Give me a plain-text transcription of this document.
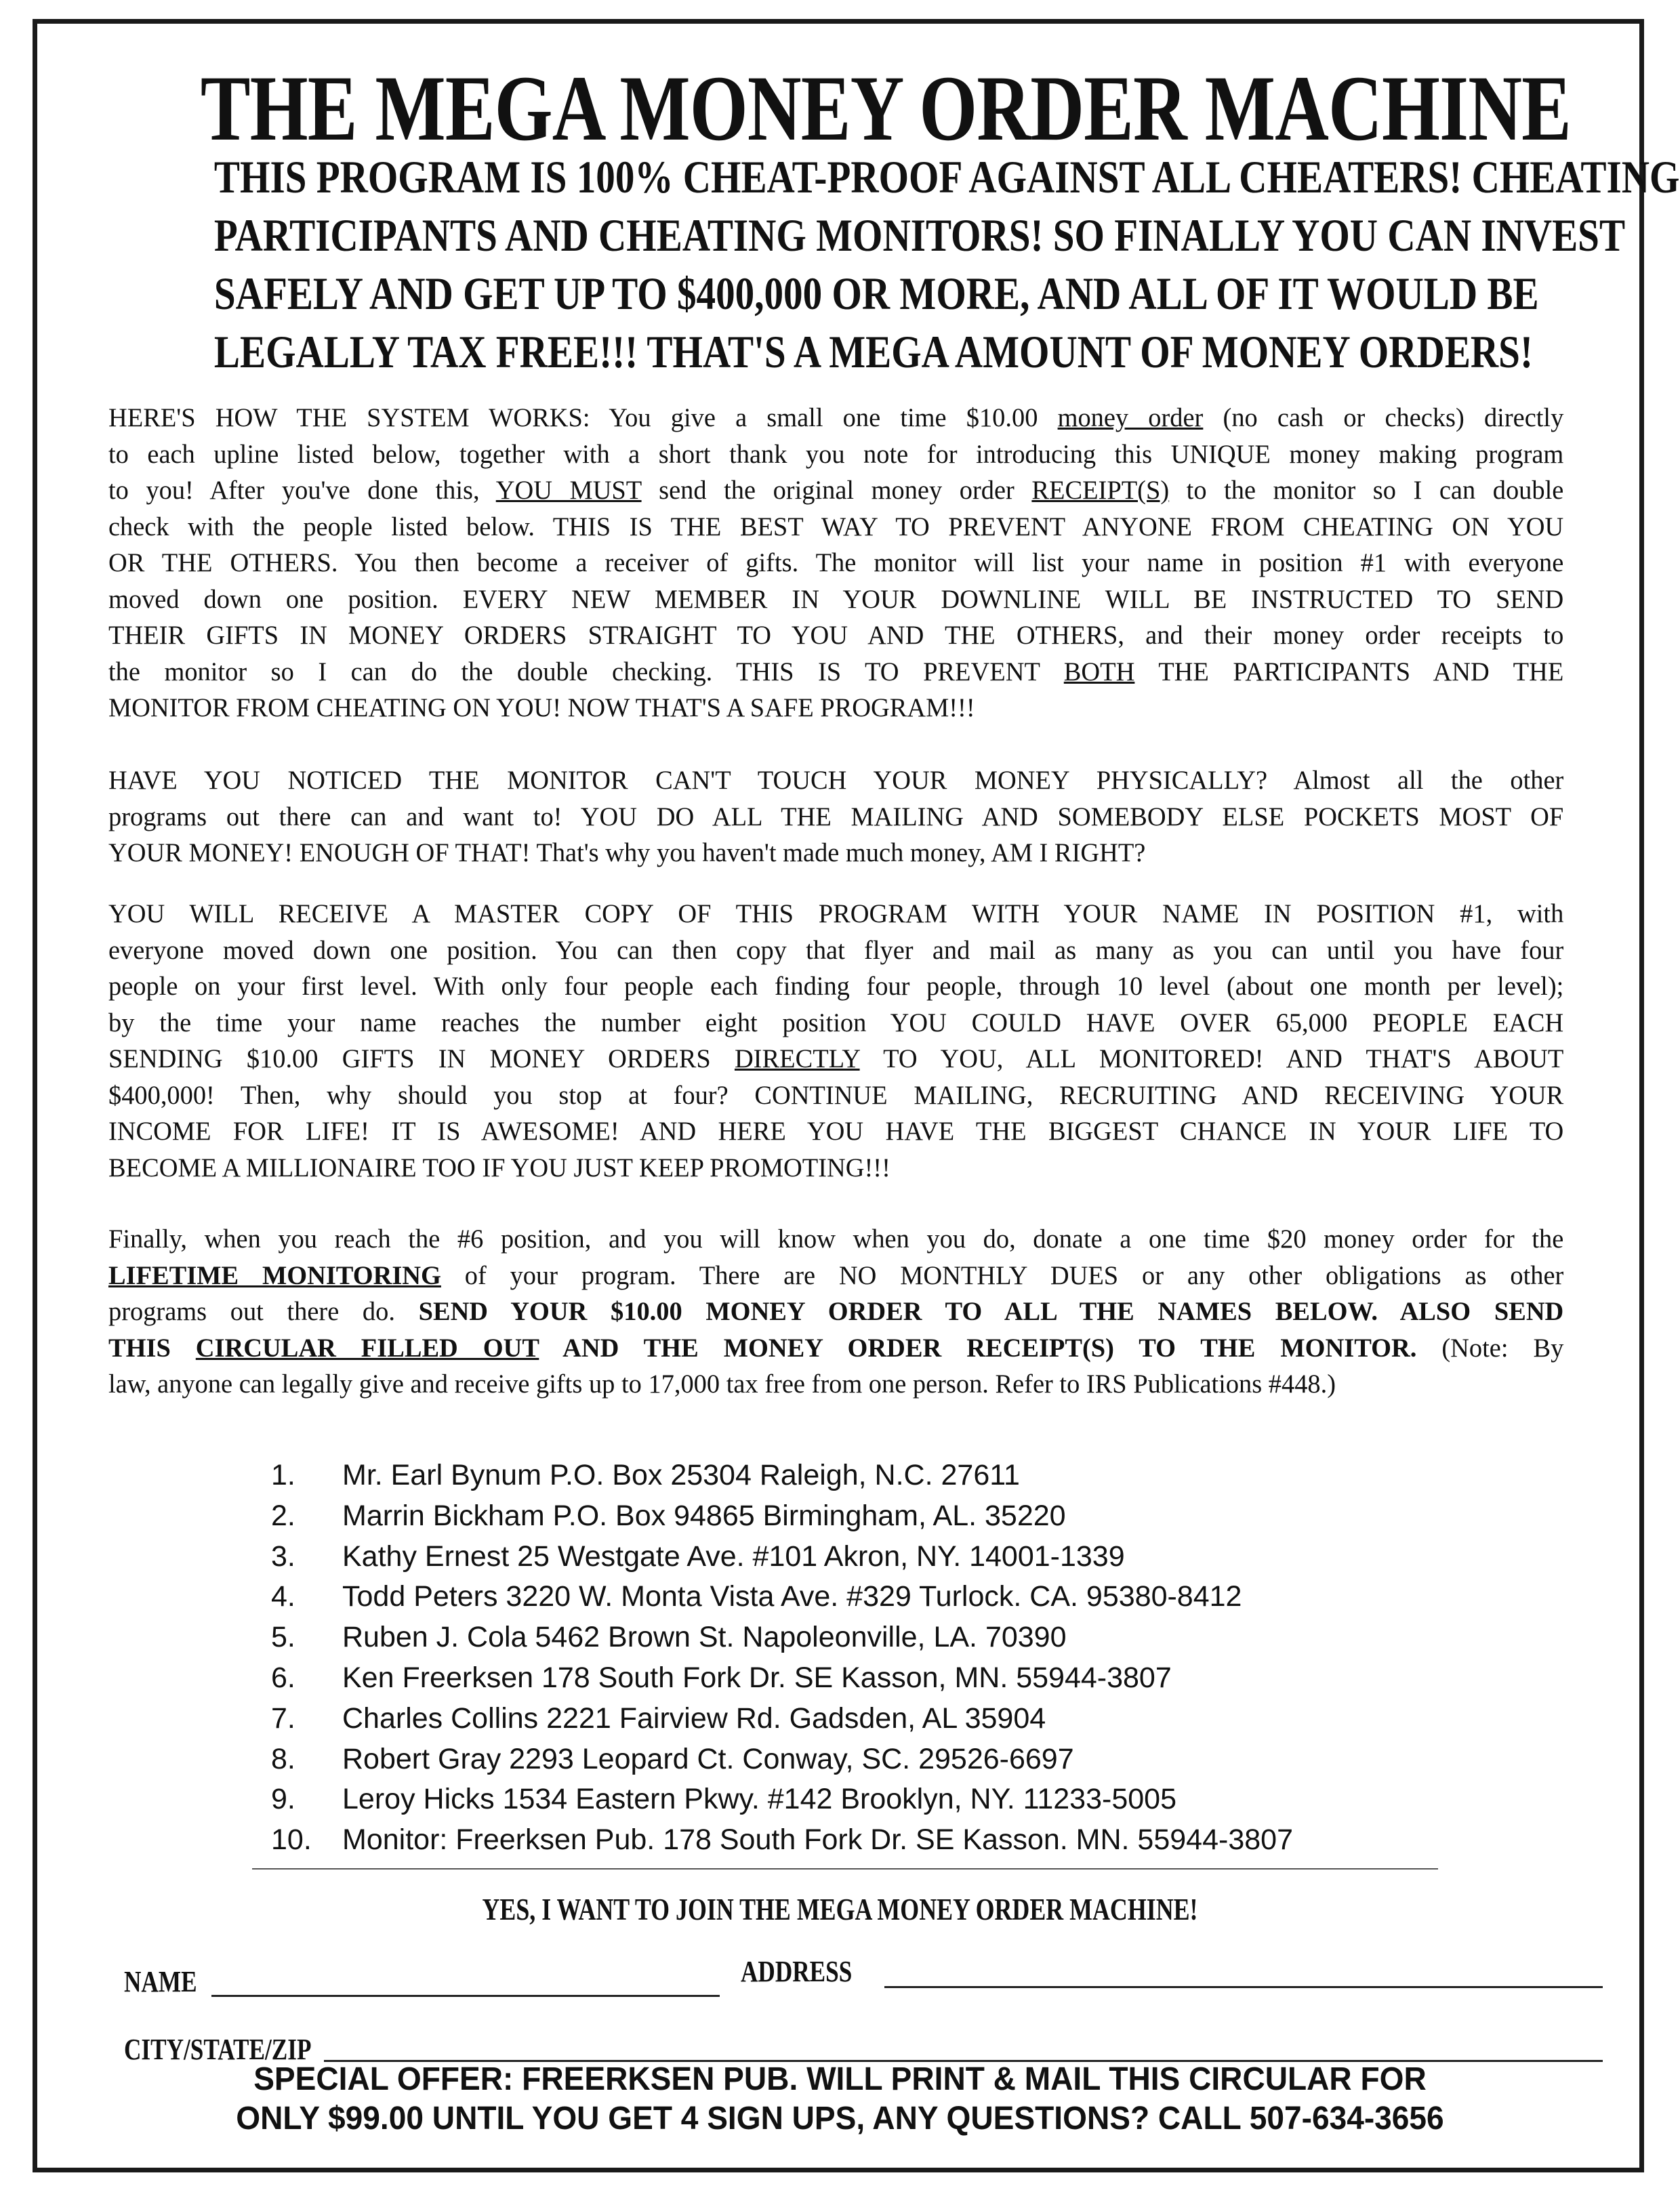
THE MEGA MONEY ORDER MACHINE
THIS PROGRAM IS 100% CHEAT-PROOF AGAINST ALL CHEATERS! CHEATING
PARTICIPANTS AND CHEATING MONITORS! SO FINALLY YOU CAN INVEST
SAFELY AND GET UP TO $400,000 OR MORE, AND ALL OF IT WOULD BE
LEGALLY TAX FREE!!! THAT'S A MEGA AMOUNT OF MONEY ORDERS!
HERE'S HOW THE SYSTEM WORKS: You give a small one time $10.00 money order (no cash or checks) directly
to each upline listed below, together with a short thank you note for introducing this UNIQUE money making program
to you! After you've done this, YOU MUST send the original money order RECEIPT(S) to the monitor so I can double
check with the people listed below. THIS IS THE BEST WAY TO PREVENT ANYONE FROM CHEATING ON YOU
OR THE OTHERS. You then become a receiver of gifts. The monitor will list your name in position #1 with everyone
moved down one position. EVERY NEW MEMBER IN YOUR DOWNLINE WILL BE INSTRUCTED TO SEND
THEIR GIFTS IN MONEY ORDERS STRAIGHT TO YOU AND THE OTHERS, and their money order receipts to
the monitor so I can do the double checking. THIS IS TO PREVENT BOTH THE PARTICIPANTS AND THE
MONITOR FROM CHEATING ON YOU! NOW THAT'S A SAFE PROGRAM!!!
HAVE YOU NOTICED THE MONITOR CAN'T TOUCH YOUR MONEY PHYSICALLY? Almost all the other
programs out there can and want to! YOU DO ALL THE MAILING AND SOMEBODY ELSE POCKETS MOST OF
YOUR MONEY! ENOUGH OF THAT! That's why you haven't made much money, AM I RIGHT?
YOU WILL RECEIVE A MASTER COPY OF THIS PROGRAM WITH YOUR NAME IN POSITION #1, with
everyone moved down one position. You can then copy that flyer and mail as many as you can until you have four
people on your first level. With only four people each finding four people, through 10 level (about one month per level);
by the time your name reaches the number eight position YOU COULD HAVE OVER 65,000 PEOPLE EACH
SENDING $10.00 GIFTS IN MONEY ORDERS DIRECTLY TO YOU, ALL MONITORED! AND THAT'S ABOUT
$400,000! Then, why should you stop at four? CONTINUE MAILING, RECRUITING AND RECEIVING YOUR
INCOME FOR LIFE! IT IS AWESOME! AND HERE YOU HAVE THE BIGGEST CHANCE IN YOUR LIFE TO
BECOME A MILLIONAIRE TOO IF YOU JUST KEEP PROMOTING!!!
Finally, when you reach the #6 position, and you will know when you do, donate a one time $20 money order for the
LIFETIME MONITORING of your program. There are NO MONTHLY DUES or any other obligations as other
programs out there do. SEND YOUR $10.00 MONEY ORDER TO ALL THE NAMES BELOW. ALSO SEND
THIS CIRCULAR FILLED OUT AND THE MONEY ORDER RECEIPT(S) TO THE MONITOR. (Note: By
law, anyone can legally give and receive gifts up to 17,000 tax free from one person. Refer to IRS Publications #448.)
1. Mr. Earl Bynum P.O. Box 25304 Raleigh, N.C. 27611
2. Marrin Bickham P.O. Box 94865 Birmingham, AL. 35220
3. Kathy Ernest 25 Westgate Ave. #101 Akron, NY. 14001-1339
4. Todd Peters 3220 W. Monta Vista Ave. #329 Turlock. CA. 95380-8412
5. Ruben J. Cola 5462 Brown St. Napoleonville, LA. 70390
6. Ken Freerksen 178 South Fork Dr. SE Kasson, MN. 55944-3807
7. Charles Collins 2221 Fairview Rd. Gadsden, AL 35904
8. Robert Gray 2293 Leopard Ct. Conway, SC. 29526-6697
9. Leroy Hicks 1534 Eastern Pkwy. #142 Brooklyn, NY. 11233-5005
10. Monitor: Freerksen Pub. 178 South Fork Dr. SE Kasson. MN. 55944-3807
YES, I WANT TO JOIN THE MEGA MONEY ORDER MACHINE!
NAME	ADDRESS
CITY/STATE/ZIP
SPECIAL OFFER: FREERKSEN PUB. WILL PRINT & MAIL THIS CIRCULAR FOR
ONLY $99.00 UNTIL YOU GET 4 SIGN UPS, ANY QUESTIONS? CALL 507-634-3656
